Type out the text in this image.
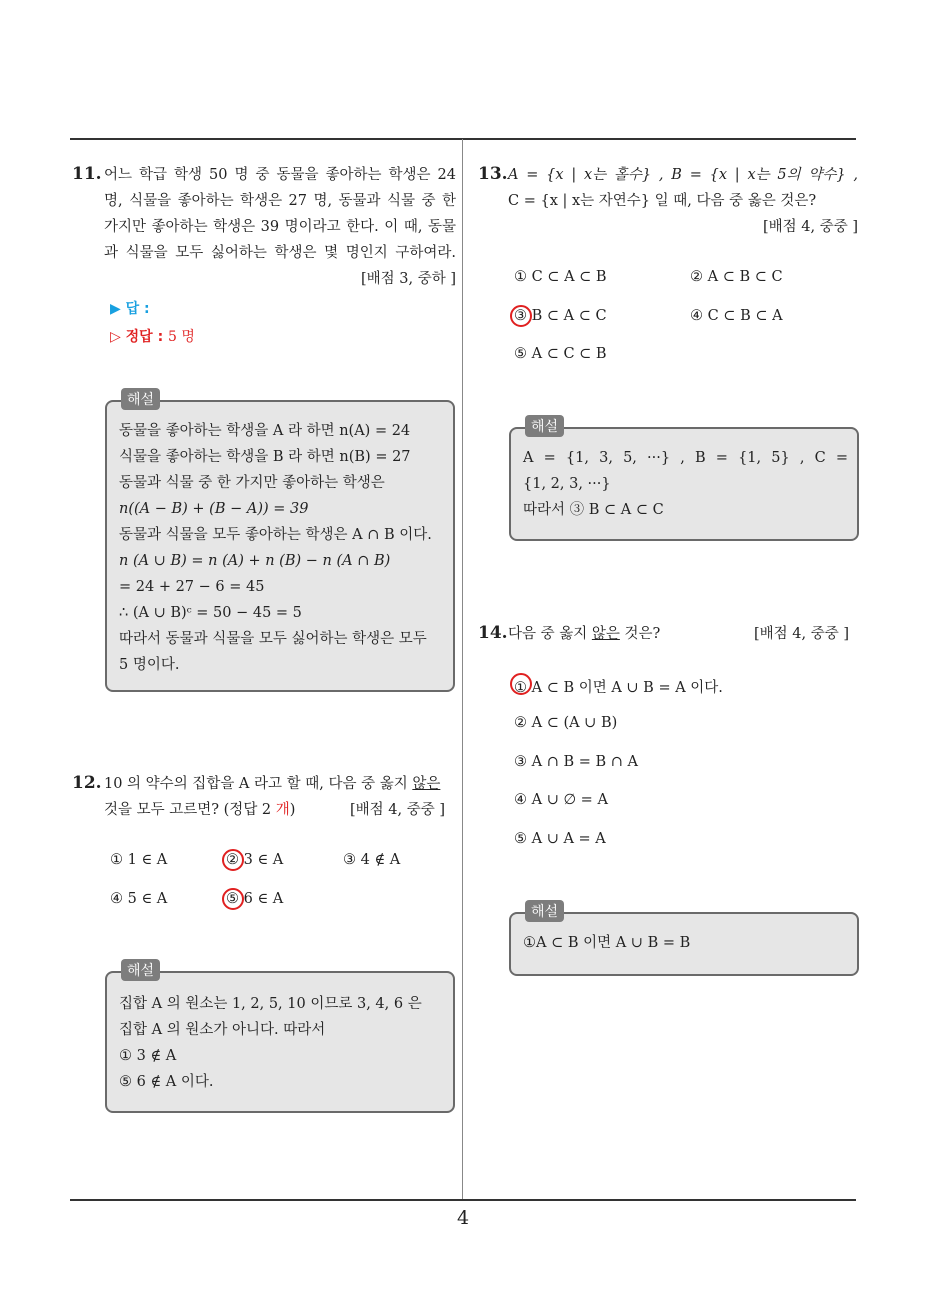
4
11. 어느 학급 학생 50 명 중 동물을 좋아하는 학생은 24
명, 식물을 좋아하는 학생은 27 명, 동물과 식물 중 한
가지만 좋아하는 학생은 39 명이라고 한다. 이 때, 동물
과 식물을 모두 싫어하는 학생은 몇 명인지 구하여라.
[배점 3, 중하 ]
▶ 답 :
▷ 정답 : 5 명
해설
동물을 좋아하는 학생을 A 라 하면 n(A) = 24
식물을 좋아하는 학생을 B 라 하면 n(B) = 27
동물과 식물 중 한 가지만 좋아하는 학생은
n((A − B) + (B − A)) = 39
동물과 식물을 모두 좋아하는 학생은 A ∩ B 이다.
n (A ∪ B) = n (A) + n (B) − n (A ∩ B)
= 24 + 27 − 6 = 45
∴ (A ∪ B)ᶜ = 50 − 45 = 5
따라서 동물과 식물을 모두 싫어하는 학생은 모두
5 명이다.
12. 10 의 약수의 집합을 A 라고 할 때, 다음 중 옳지 않은
것을 모두 고르면? (정답 2 개)	[배점 4, 중중 ]
① 1 ∈ A	② 3 ∈ A	③ 4 ∉ A
④ 5 ∈ A	⑤ 6 ∈ A
해설
집합 A 의 원소는 1, 2, 5, 10 이므로 3, 4, 6 은
집합 A 의 원소가 아니다. 따라서
① 3 ∉ A
⑤ 6 ∉ A 이다.
13. A = {x | x는 홀수} , B = {x | x는 5의 약수} ,
C = {x | x는 자연수} 일 때, 다음 중 옳은 것은?
[배점 4, 중중 ]
① C ⊂ A ⊂ B	② A ⊂ B ⊂ C
③ B ⊂ A ⊂ C	④ C ⊂ B ⊂ A
⑤ A ⊂ C ⊂ B
해설
A = {1, 3, 5, ···} , B = {1, 5} , C =
{1, 2, 3, ···}
따라서 ③ B ⊂ A ⊂ C
14. 다음 중 옳지 않은 것은?	[배점 4, 중중 ]
① A ⊂ B 이면 A ∪ B = A 이다.
② A ⊂ (A ∪ B)
③ A ∩ B = B ∩ A
④ A ∪ ∅ = A
⑤ A ∪ A = A
해설
①A ⊂ B 이면 A ∪ B = B
